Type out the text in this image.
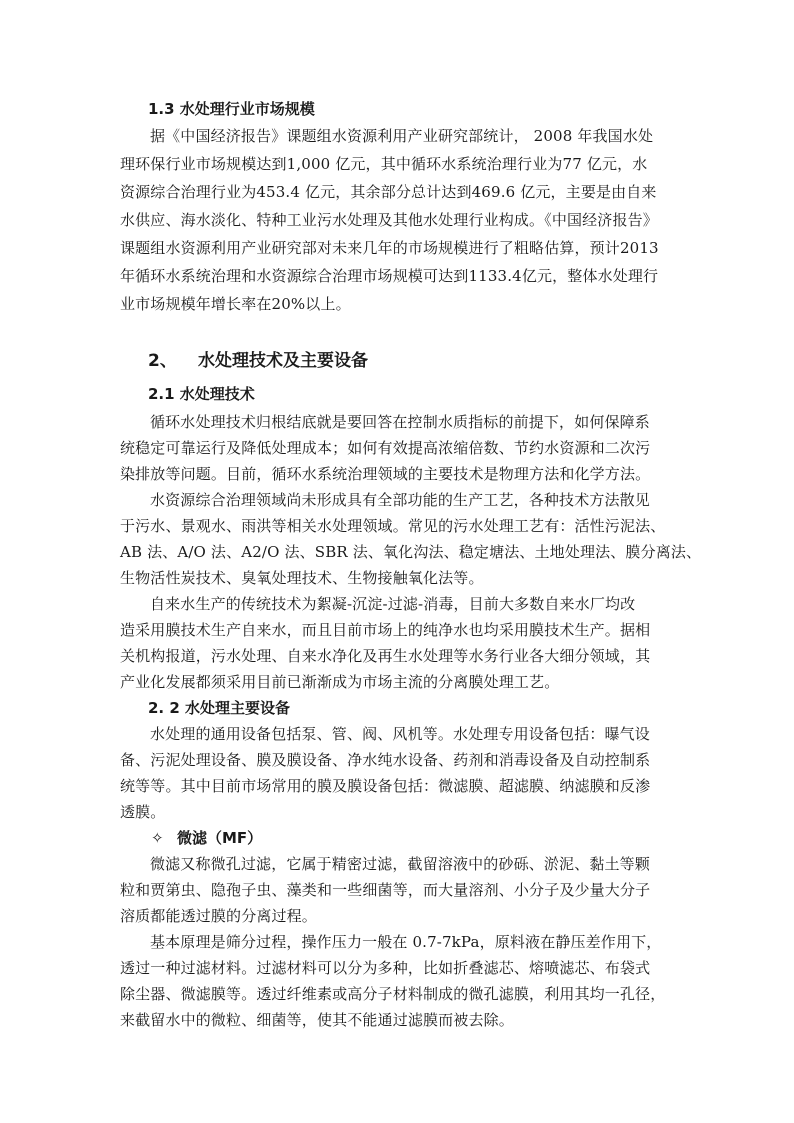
1.3 水处理行业市场规模
据《中国经济报告》课题组水资源利用产业研究部统计， 2008 年我国水处
理环保行业市场规模达到1,000 亿元，其中循环水系统治理行业为77 亿元，水
资源综合治理行业为453.4 亿元，其余部分总计达到469.6 亿元，主要是由自来
水供应、海水淡化、特种工业污水处理及其他水处理行业构成。《中国经济报告》
课题组水资源利用产业研究部对未来几年的市场规模进行了粗略估算，预计2013
年循环水系统治理和水资源综合治理市场规模可达到1133.4亿元，整体水处理行
业市场规模年增长率在20%以上。
2、 水处理技术及主要设备
2.1 水处理技术
循环水处理技术归根结底就是要回答在控制水质指标的前提下，如何保障系
统稳定可靠运行及降低处理成本；如何有效提高浓缩倍数、节约水资源和二次污
染排放等问题。目前，循环水系统治理领域的主要技术是物理方法和化学方法。
水资源综合治理领域尚未形成具有全部功能的生产工艺，各种技术方法散见
于污水、景观水、雨洪等相关水处理领域。常见的污水处理工艺有：活性污泥法、
AB 法、A/O 法、A2/O 法、SBR 法、氧化沟法、稳定塘法、土地处理法、膜分离法、
生物活性炭技术、臭氧处理技术、生物接触氧化法等。
自来水生产的传统技术为絮凝-沉淀-过滤-消毒，目前大多数自来水厂均改
造采用膜技术生产自来水，而且目前市场上的纯净水也均采用膜技术生产。据相
关机构报道，污水处理、自来水净化及再生水处理等水务行业各大细分领域，其
产业化发展都须采用目前已渐渐成为市场主流的分离膜处理工艺。
2. 2 水处理主要设备
水处理的通用设备包括泵、管、阀、风机等。水处理专用设备包括：曝气设
备、污泥处理设备、膜及膜设备、净水纯水设备、药剂和消毒设备及自动控制系
统等等。其中目前市场常用的膜及膜设备包括：微滤膜、超滤膜、纳滤膜和反渗
透膜。
✧ 微滤（MF）
微滤又称微孔过滤，它属于精密过滤，截留溶液中的砂砾、淤泥、黏土等颗
粒和贾第虫、隐孢子虫、藻类和一些细菌等，而大量溶剂、小分子及少量大分子
溶质都能透过膜的分离过程。
基本原理是筛分过程，操作压力一般在 0.7-7kPa，原料液在静压差作用下，
透过一种过滤材料。过滤材料可以分为多种，比如折叠滤芯、熔喷滤芯、布袋式
除尘器、微滤膜等。透过纤维素或高分子材料制成的微孔滤膜，利用其均一孔径，
来截留水中的微粒、细菌等，使其不能通过滤膜而被去除。
